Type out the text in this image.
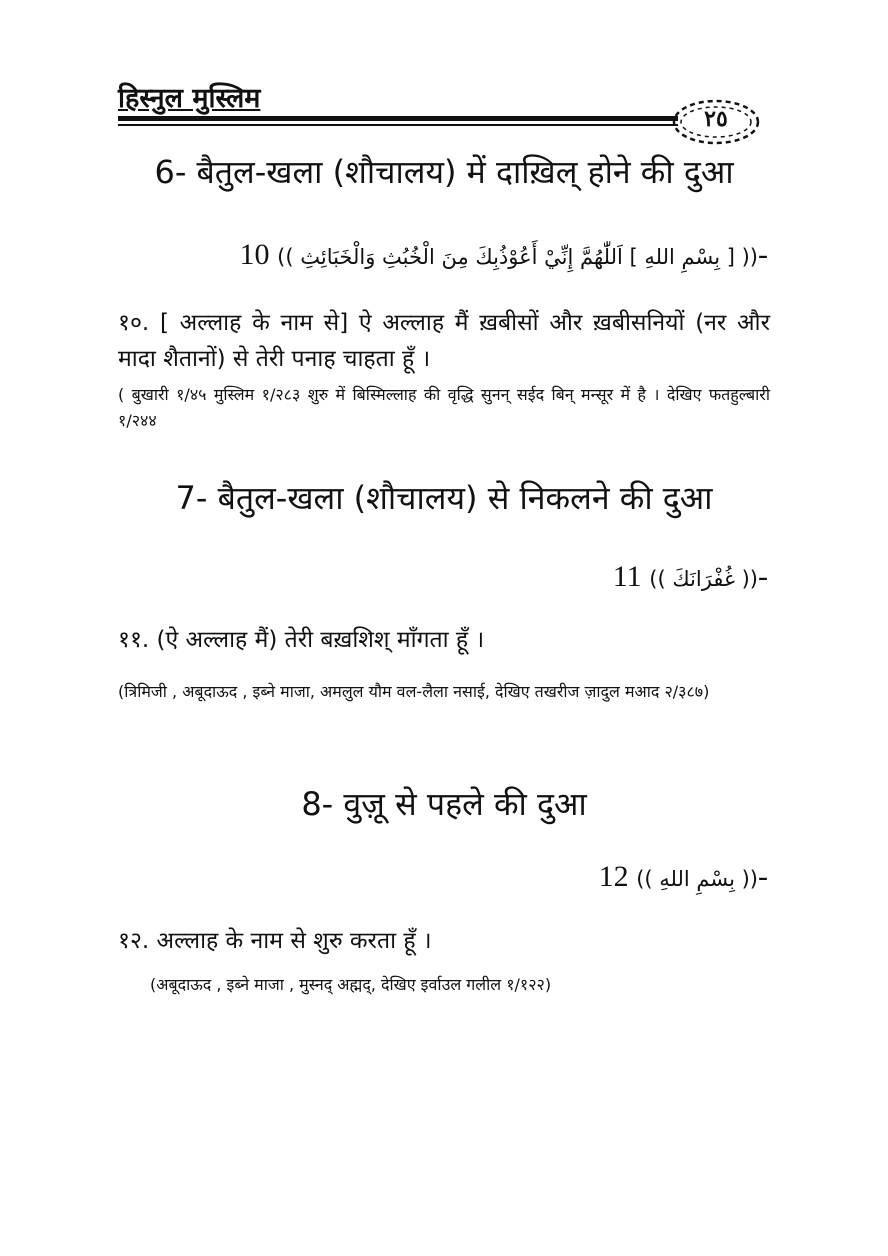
हिस्नुल मुस्लिम
٢٥
6- बैतुल-खला (शौचालय) में दाख़िल् होने की दुआ
(( [ بِسْمِ اللهِ ] اَللّٰهُمَّ إِنِّيْ أَعُوْذُبِكَ مِنَ الْخُبُثِ وَالْخَبَائِثِ )) 10-
१०. [ अल्लाह के नाम से] ऐ अल्लाह मैं ख़बीसों और ख़बीसनियों (नर और मादा शैतानों) से तेरी पनाह चाहता हूँ ।
( बुखारी १/४५ मुस्लिम १/२८३ शुरु में बिस्मिल्लाह की वृद्धि सुनन् सईद बिन् मन्सूर में है । देखिए फतहुल्बारी १/२४४
7- बैतुल-खला (शौचालय) से निकलने की दुआ
(( غُفْرَانَكَ )) 11-
११. (ऐ अल्लाह मैं) तेरी बख़शिश् माँगता हूँ ।
(त्रिमिजी , अबूदाऊद , इब्ने माजा, अमलुल यौम वल-लैला नसाई, देखिए तखरीज ज़ादुल मआद २/३८७)
8- वुज़ू से पहले की दुआ
(( بِسْمِ اللهِ )) 12-
१२. अल्लाह के नाम से शुरु करता हूँ ।
(अबूदाऊद , इब्ने माजा , मुस्नद् अह्मद्, देखिए इर्वाउल गलील १/१२२)
